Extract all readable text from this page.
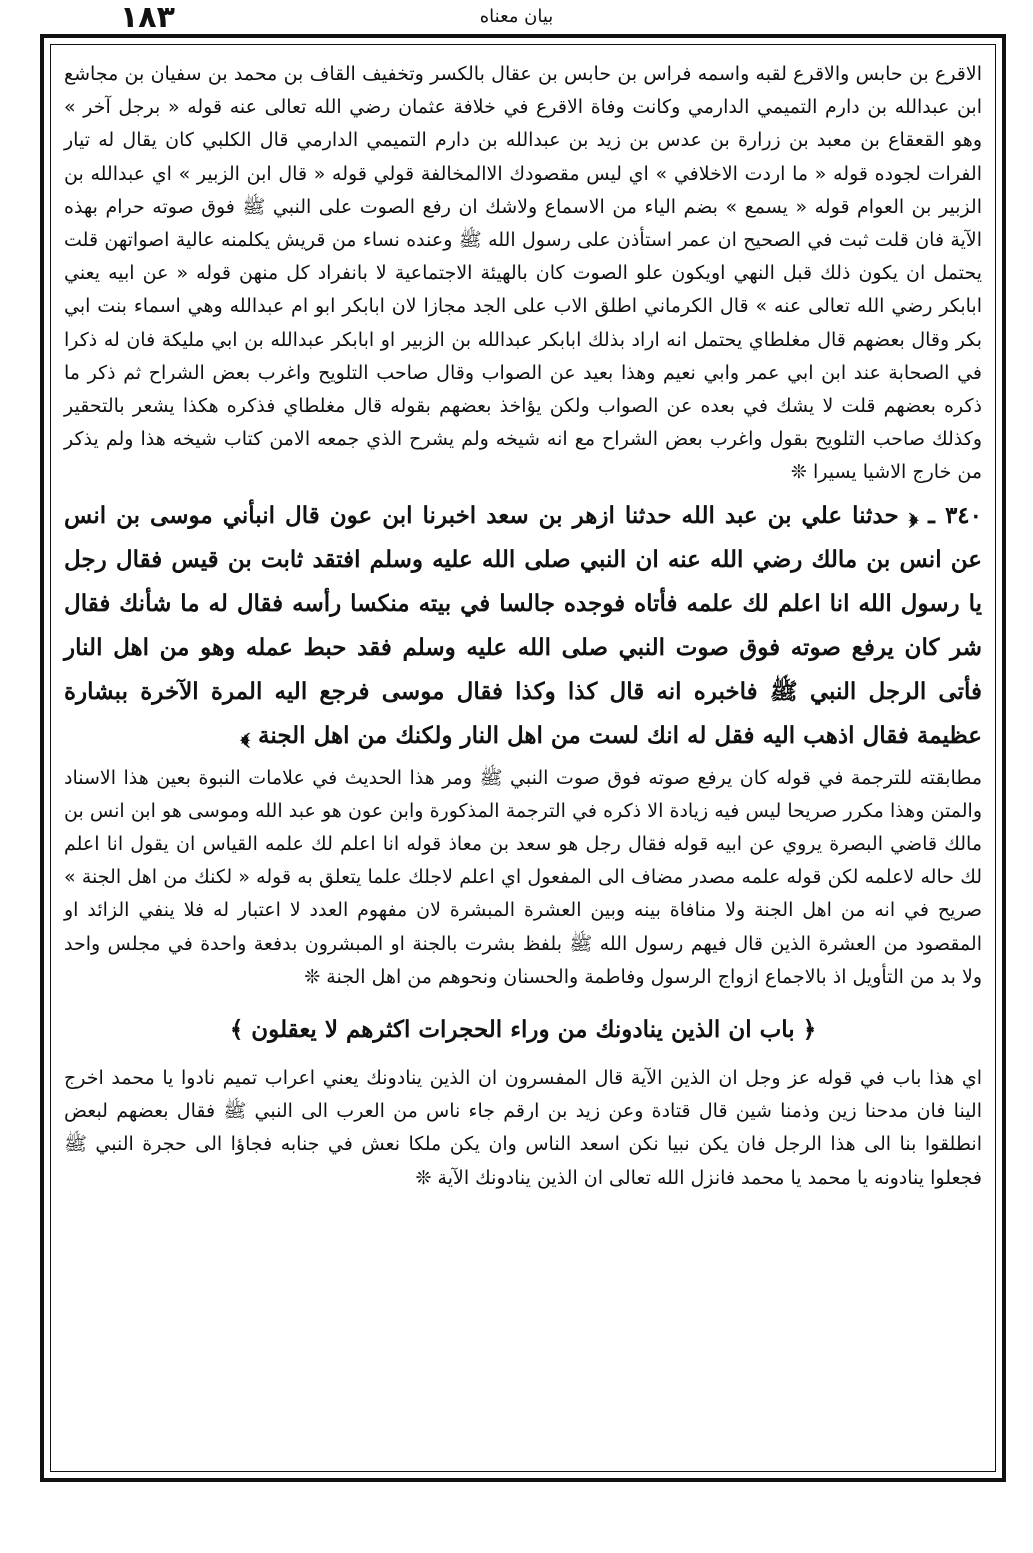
١٨٣	بيان معناه

الاقرع بن حابس والاقرع لقبه واسمه فراس بن حابس بن عقال بالكسر وتخفيف القاف بن محمد بن سفيان بن مجاشع ابن عبدالله بن دارم التميمي الدارمي وكانت وفاة الاقرع في خلافة عثمان رضي الله تعالى عنه قوله « برجل آخر » وهو القعقاع بن معبد بن زرارة بن عدس بن زيد بن عبدالله بن دارم التميمي الدارمي قال الكلبي كان يقال له تيار الفرات لجوده قوله « ما اردت الاخلافي » اي ليس مقصودك الاالمخالفة قولي قوله « قال ابن الزبير » اي عبدالله بن الزبير بن العوام قوله « يسمع » بضم الياء من الاسماع ولاشك ان رفع الصوت على النبي ﷺ فوق صوته حرام بهذه الآية فان قلت ثبت في الصحيح ان عمر استأذن على رسول الله ﷺ وعنده نساء من قريش يكلمنه عالية اصواتهن قلت يحتمل ان يكون ذلك قبل النهي اويكون علو الصوت كان بالهيئة الاجتماعية لا بانفراد كل منهن قوله « عن ابيه يعني ابابكر رضي الله تعالى عنه » قال الكرماني اطلق الاب على الجد مجازا لان ابابكر ابو ام عبدالله وهي اسماء بنت ابي بكر وقال بعضهم قال مغلطاي يحتمل انه اراد بذلك ابابكر عبدالله بن الزبير او ابابكر عبدالله بن ابي مليكة فان له ذكرا في الصحابة عند ابن ابي عمر وابي نعيم وهذا بعيد عن الصواب وقال صاحب التلويح واغرب بعض الشراح ثم ذكر ما ذكره بعضهم قلت لا يشك في بعده عن الصواب ولكن يؤاخذ بعضهم بقوله قال مغلطاي فذكره هكذا يشعر بالتحقير وكذلك صاحب التلويح بقول واغرب بعض الشراح مع انه شيخه ولم يشرح الذي جمعه الامن كتاب شيخه هذا ولم يذكر من خارج الاشيا يسيرا ❊

٣٤٠ ـ ﴿ حدثنا علي بن عبد الله حدثنا ازهر بن سعد اخبرنا ابن عون قال انبأني موسى بن انس عن انس بن مالك رضي الله عنه ان النبي صلى الله عليه وسلم افتقد ثابت بن قيس فقال رجل يا رسول الله انا اعلم لك علمه فأتاه فوجده جالسا في بيته منكسا رأسه فقال له ما شأنك فقال شر كان يرفع صوته فوق صوت النبي صلى الله عليه وسلم فقد حبط عمله وهو من اهل النار فأتى الرجل النبي ﷺ فاخبره انه قال كذا وكذا فقال موسى فرجع اليه المرة الآخرة ببشارة عظيمة فقال اذهب اليه فقل له انك لست من اهل النار ولكنك من اهل الجنة ﴾

مطابقته للترجمة في قوله كان يرفع صوته فوق صوت النبي ﷺ ومر هذا الحديث في علامات النبوة بعين هذا الاسناد والمتن وهذا مكرر صريحا ليس فيه زيادة الا ذكره في الترجمة المذكورة وابن عون هو عبد الله وموسى هو ابن انس بن مالك قاضي البصرة يروي عن ابيه قوله فقال رجل هو سعد بن معاذ قوله انا اعلم لك علمه القياس ان يقول انا اعلم لك حاله لاعلمه لكن قوله علمه مصدر مضاف الى المفعول اي اعلم لاجلك علما يتعلق به قوله « لكنك من اهل الجنة » صريح في انه من اهل الجنة ولا منافاة بينه وبين العشرة المبشرة لان مفهوم العدد لا اعتبار له فلا ينفي الزائد او المقصود من العشرة الذين قال فيهم رسول الله ﷺ بلفظ بشرت بالجنة او المبشرون بدفعة واحدة في مجلس واحد ولا بد من التأويل اذ بالاجماع ازواج الرسول وفاطمة والحسنان ونحوهم من اهل الجنة ❊

﴿ باب ان الذين ينادونك من وراء الحجرات اكثرهم لا يعقلون ﴾

اي هذا باب في قوله عز وجل ان الذين الآية قال المفسرون ان الذين ينادونك يعني اعراب تميم نادوا يا محمد اخرج الينا فان مدحنا زين وذمنا شين قال قتادة وعن زيد بن ارقم جاء ناس من العرب الى النبي ﷺ فقال بعضهم لبعض انطلقوا بنا الى هذا الرجل فان يكن نبيا نكن اسعد الناس وان يكن ملكا نعش في جنابه فجاؤا الى حجرة النبي ﷺ فجعلوا ينادونه يا محمد يا محمد فانزل الله تعالى ان الذين ينادونك الآية ❊
